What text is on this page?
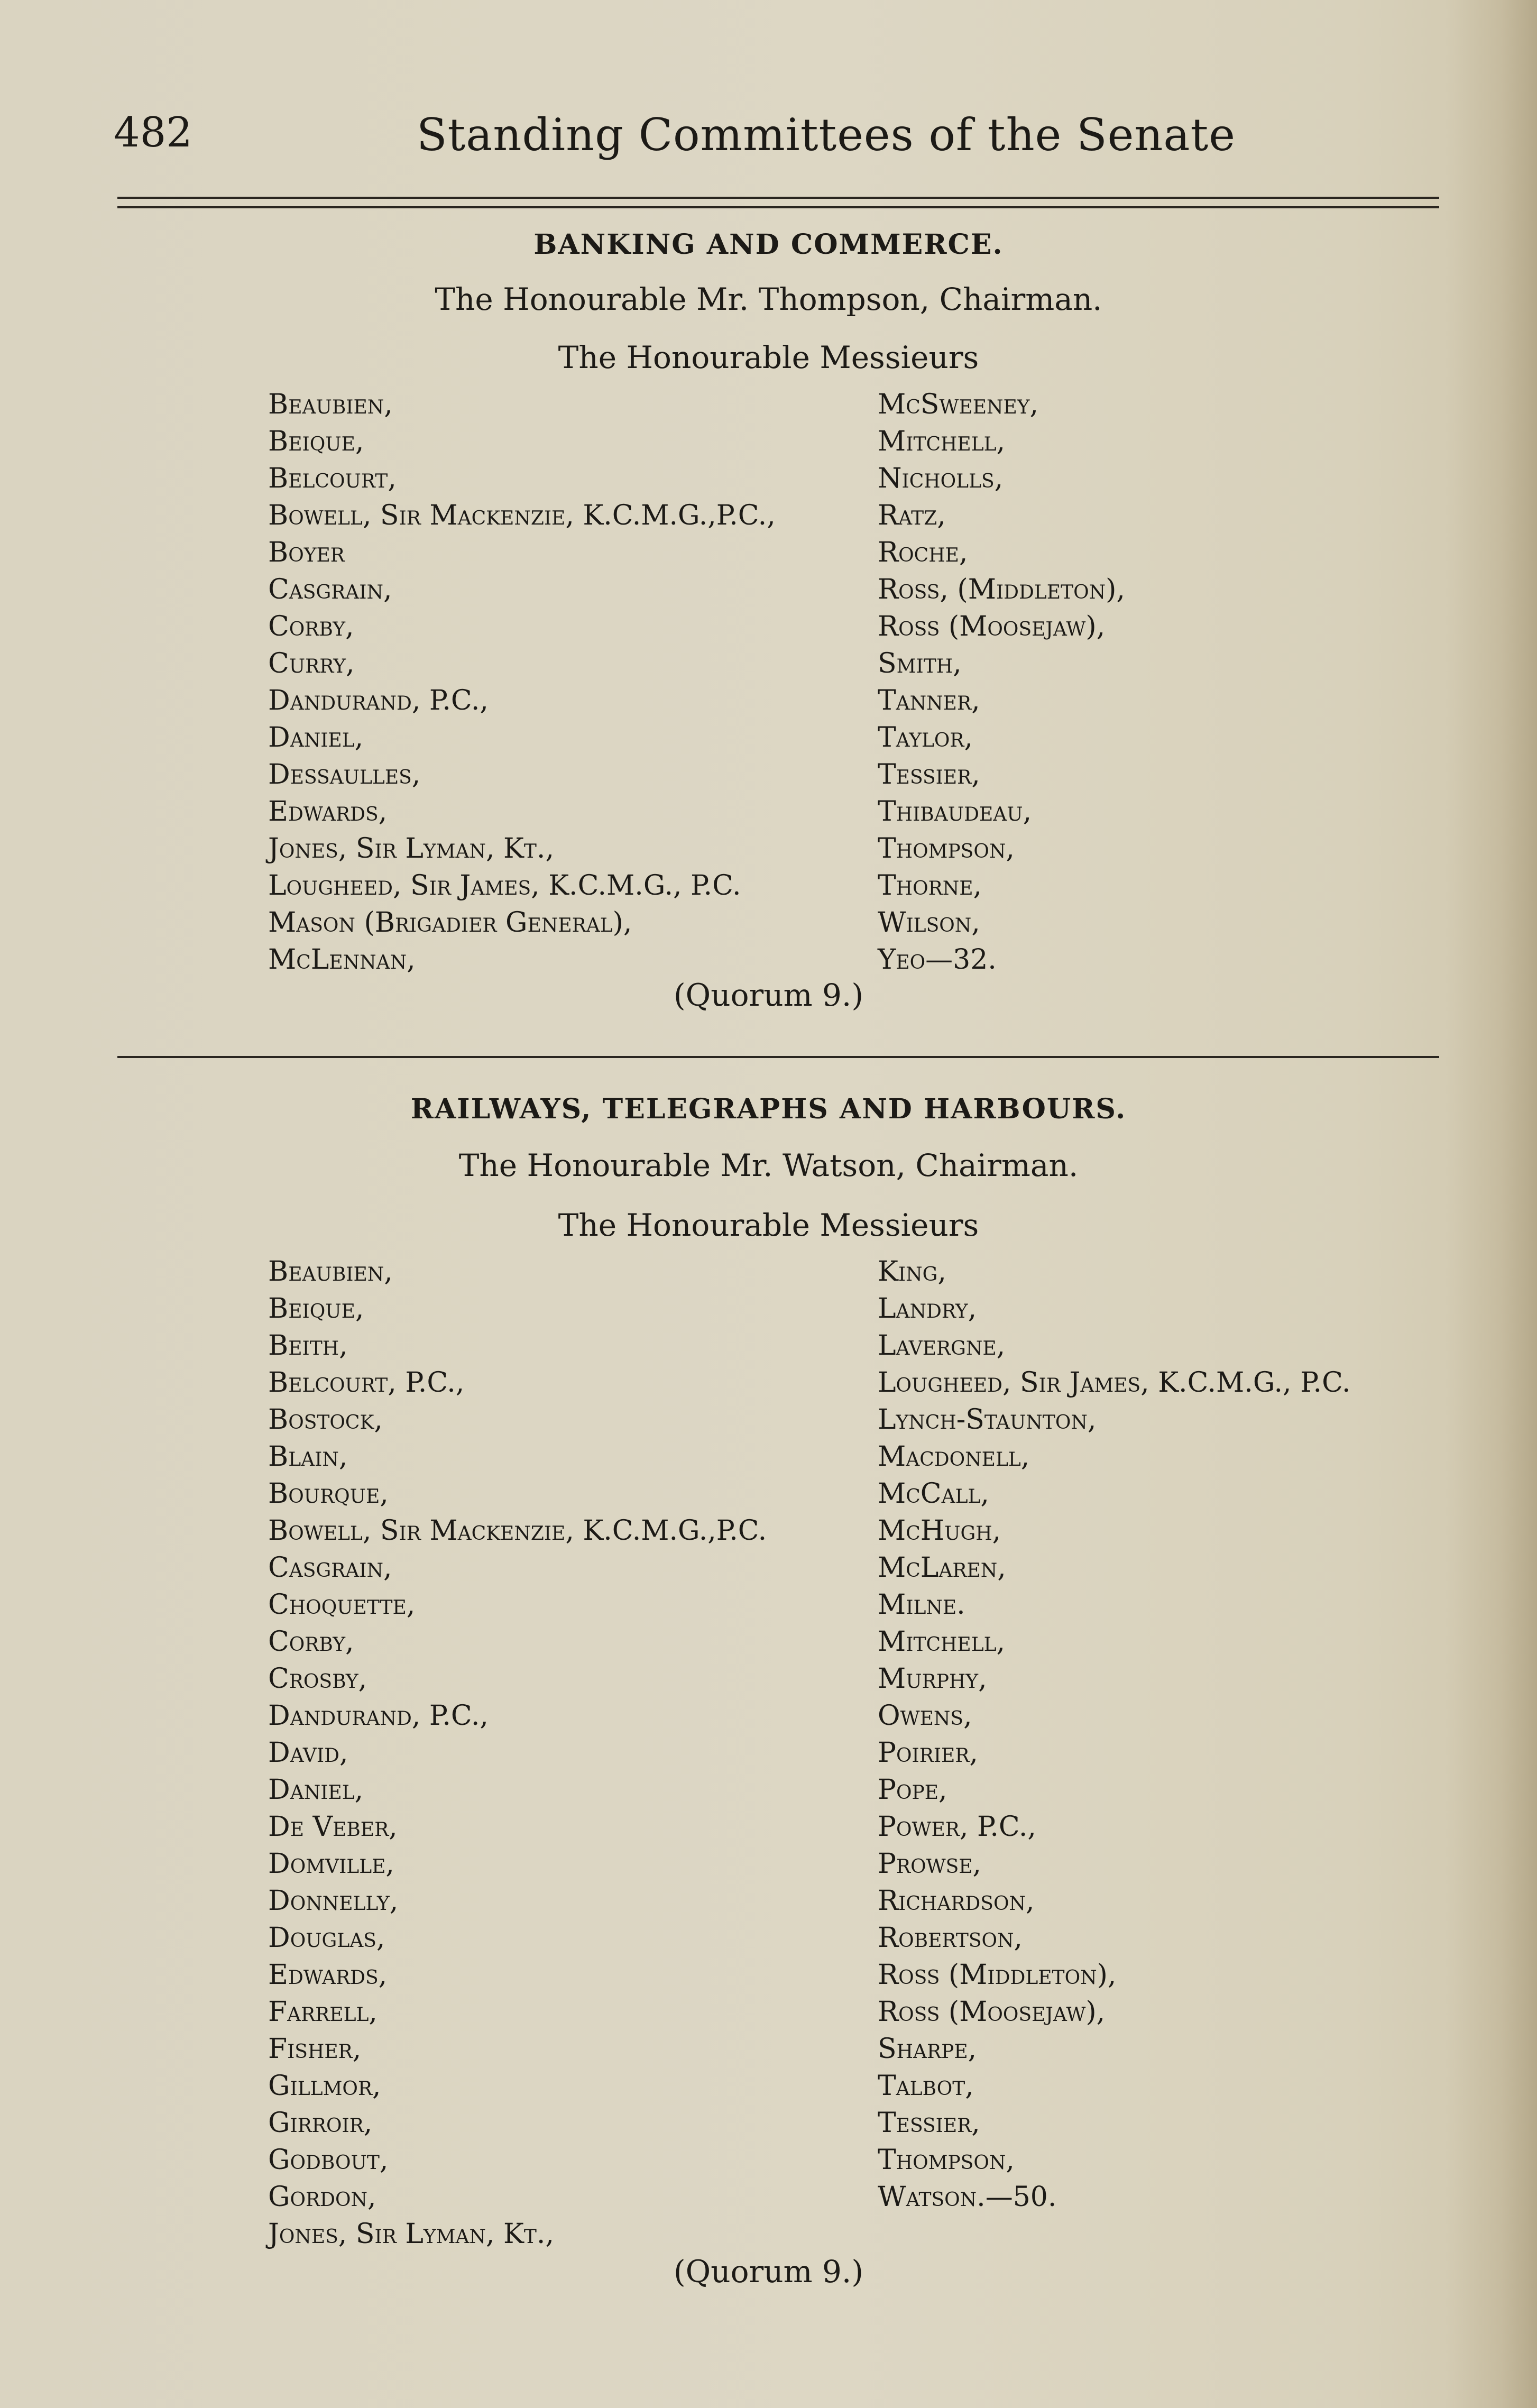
482	Standing Committees of the Senate
BANKING AND COMMERCE.
The Honourable Mr. Thompson, Chairman.
The Honourable Messieurs
Beaubien,
Beique,
Belcourt,
Bowell, Sir Mackenzie, K.C.M.G.,P.C.,
Boyer
Casgrain,
Corby,
Curry,
Dandurand, P.C.,
Daniel,
Dessaulles,
Edwards,
Jones, Sir Lyman, Kt.,
Lougheed, Sir James, K.C.M.G., P.C.
Mason (Brigadier General),
McLennan,
McSweeney,
Mitchell,
Nicholls,
Ratz,
Roche,
Ross, (Middleton),
Ross (Moosejaw),
Smith,
Tanner,
Taylor,
Tessier,
Thibaudeau,
Thompson,
Thorne,
Wilson,
Yeo—32.
(Quorum 9.)
RAILWAYS, TELEGRAPHS AND HARBOURS.
The Honourable Mr. Watson, Chairman.
The Honourable Messieurs
Beaubien,
Beique,
Beith,
Belcourt, P.C.,
Bostock,
Blain,
Bourque,
Bowell, Sir Mackenzie, K.C.M.G.,P.C.
Casgrain,
Choquette,
Corby,
Crosby,
Dandurand, P.C.,
David,
Daniel,
De Veber,
Domville,
Donnelly,
Douglas,
Edwards,
Farrell,
Fisher,
Gillmor,
Girroir,
Godbout,
Gordon,
Jones, Sir Lyman, Kt.,
King,
Landry,
Lavergne,
Lougheed, Sir James, K.C.M.G., P.C.
Lynch-Staunton,
Macdonell,
McCall,
McHugh,
McLaren,
Milne.
Mitchell,
Murphy,
Owens,
Poirier,
Pope,
Power, P.C.,
Prowse,
Richardson,
Robertson,
Ross (Middleton),
Ross (Moosejaw),
Sharpe,
Talbot,
Tessier,
Thompson,
Watson.—50.
(Quorum 9.)
